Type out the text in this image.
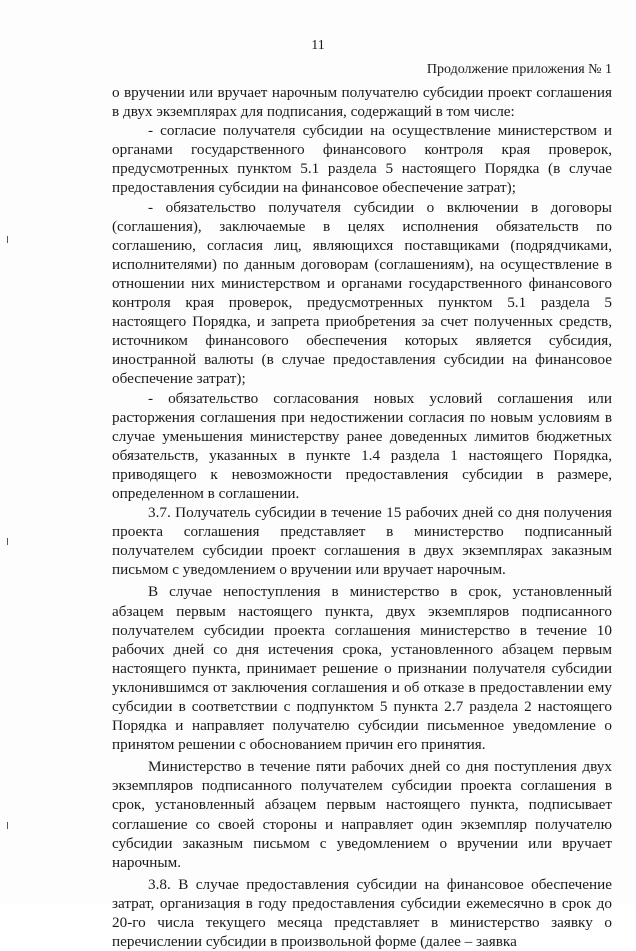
11
Продолжение приложения № 1

о вручении или вручает нарочным получателю субсидии проект соглашения в двух экземплярах для подписания, содержащий в том числе:

- согласие получателя субсидии на осуществление министерством и органами государственного финансового контроля края проверок, предусмотренных пунктом 5.1 раздела 5 настоящего Порядка (в случае предоставления субсидии на финансовое обеспечение затрат);

- обязательство получателя субсидии о включении в договоры (соглашения), заключаемые в целях исполнения обязательств по соглашению, согласия лиц, являющихся поставщиками (подрядчиками, исполнителями) по данным договорам (соглашениям), на осуществление в отношении них министерством и органами государственного финансового контроля края проверок, предусмотренных пунктом 5.1 раздела 5 настоящего Порядка, и запрета приобретения за счет полученных средств, источником финансового обеспечения которых является субсидия, иностранной валюты (в случае предоставления субсидии на финансовое обеспечение затрат);

- обязательство согласования новых условий соглашения или расторжения соглашения при недостижении согласия по новым условиям в случае уменьшения министерству ранее доведенных лимитов бюджетных обязательств, указанных в пункте 1.4 раздела 1 настоящего Порядка, приводящего к невозможности предоставления субсидии в размере, определенном в соглашении.

3.7. Получатель субсидии в течение 15 рабочих дней со дня получения проекта соглашения представляет в министерство подписанный получателем субсидии проект соглашения в двух экземплярах заказным письмом с уведомлением о вручении или вручает нарочным.

В случае непоступления в министерство в срок, установленный абзацем первым настоящего пункта, двух экземпляров подписанного получателем субсидии проекта соглашения министерство в течение 10 рабочих дней со дня истечения срока, установленного абзацем первым настоящего пункта, принимает решение о признании получателя субсидии уклонившимся от заключения соглашения и об отказе в предоставлении ему субсидии в соответствии с подпунктом 5 пункта 2.7 раздела 2 настоящего Порядка и направляет получателю субсидии письменное уведомление о принятом решении с обоснованием причин его принятия.

Министерство в течение пяти рабочих дней со дня поступления двух экземпляров подписанного получателем субсидии проекта соглашения в срок, установленный абзацем первым настоящего пункта, подписывает соглашение со своей стороны и направляет один экземпляр получателю субсидии заказным письмом с уведомлением о вручении или вручает нарочным.

3.8. В случае предоставления субсидии на финансовое обеспечение затрат, организация в году предоставления субсидии ежемесячно в срок до 20-го числа текущего месяца представляет в министерство заявку о перечислении субсидии в произвольной форме (далее – заявка
